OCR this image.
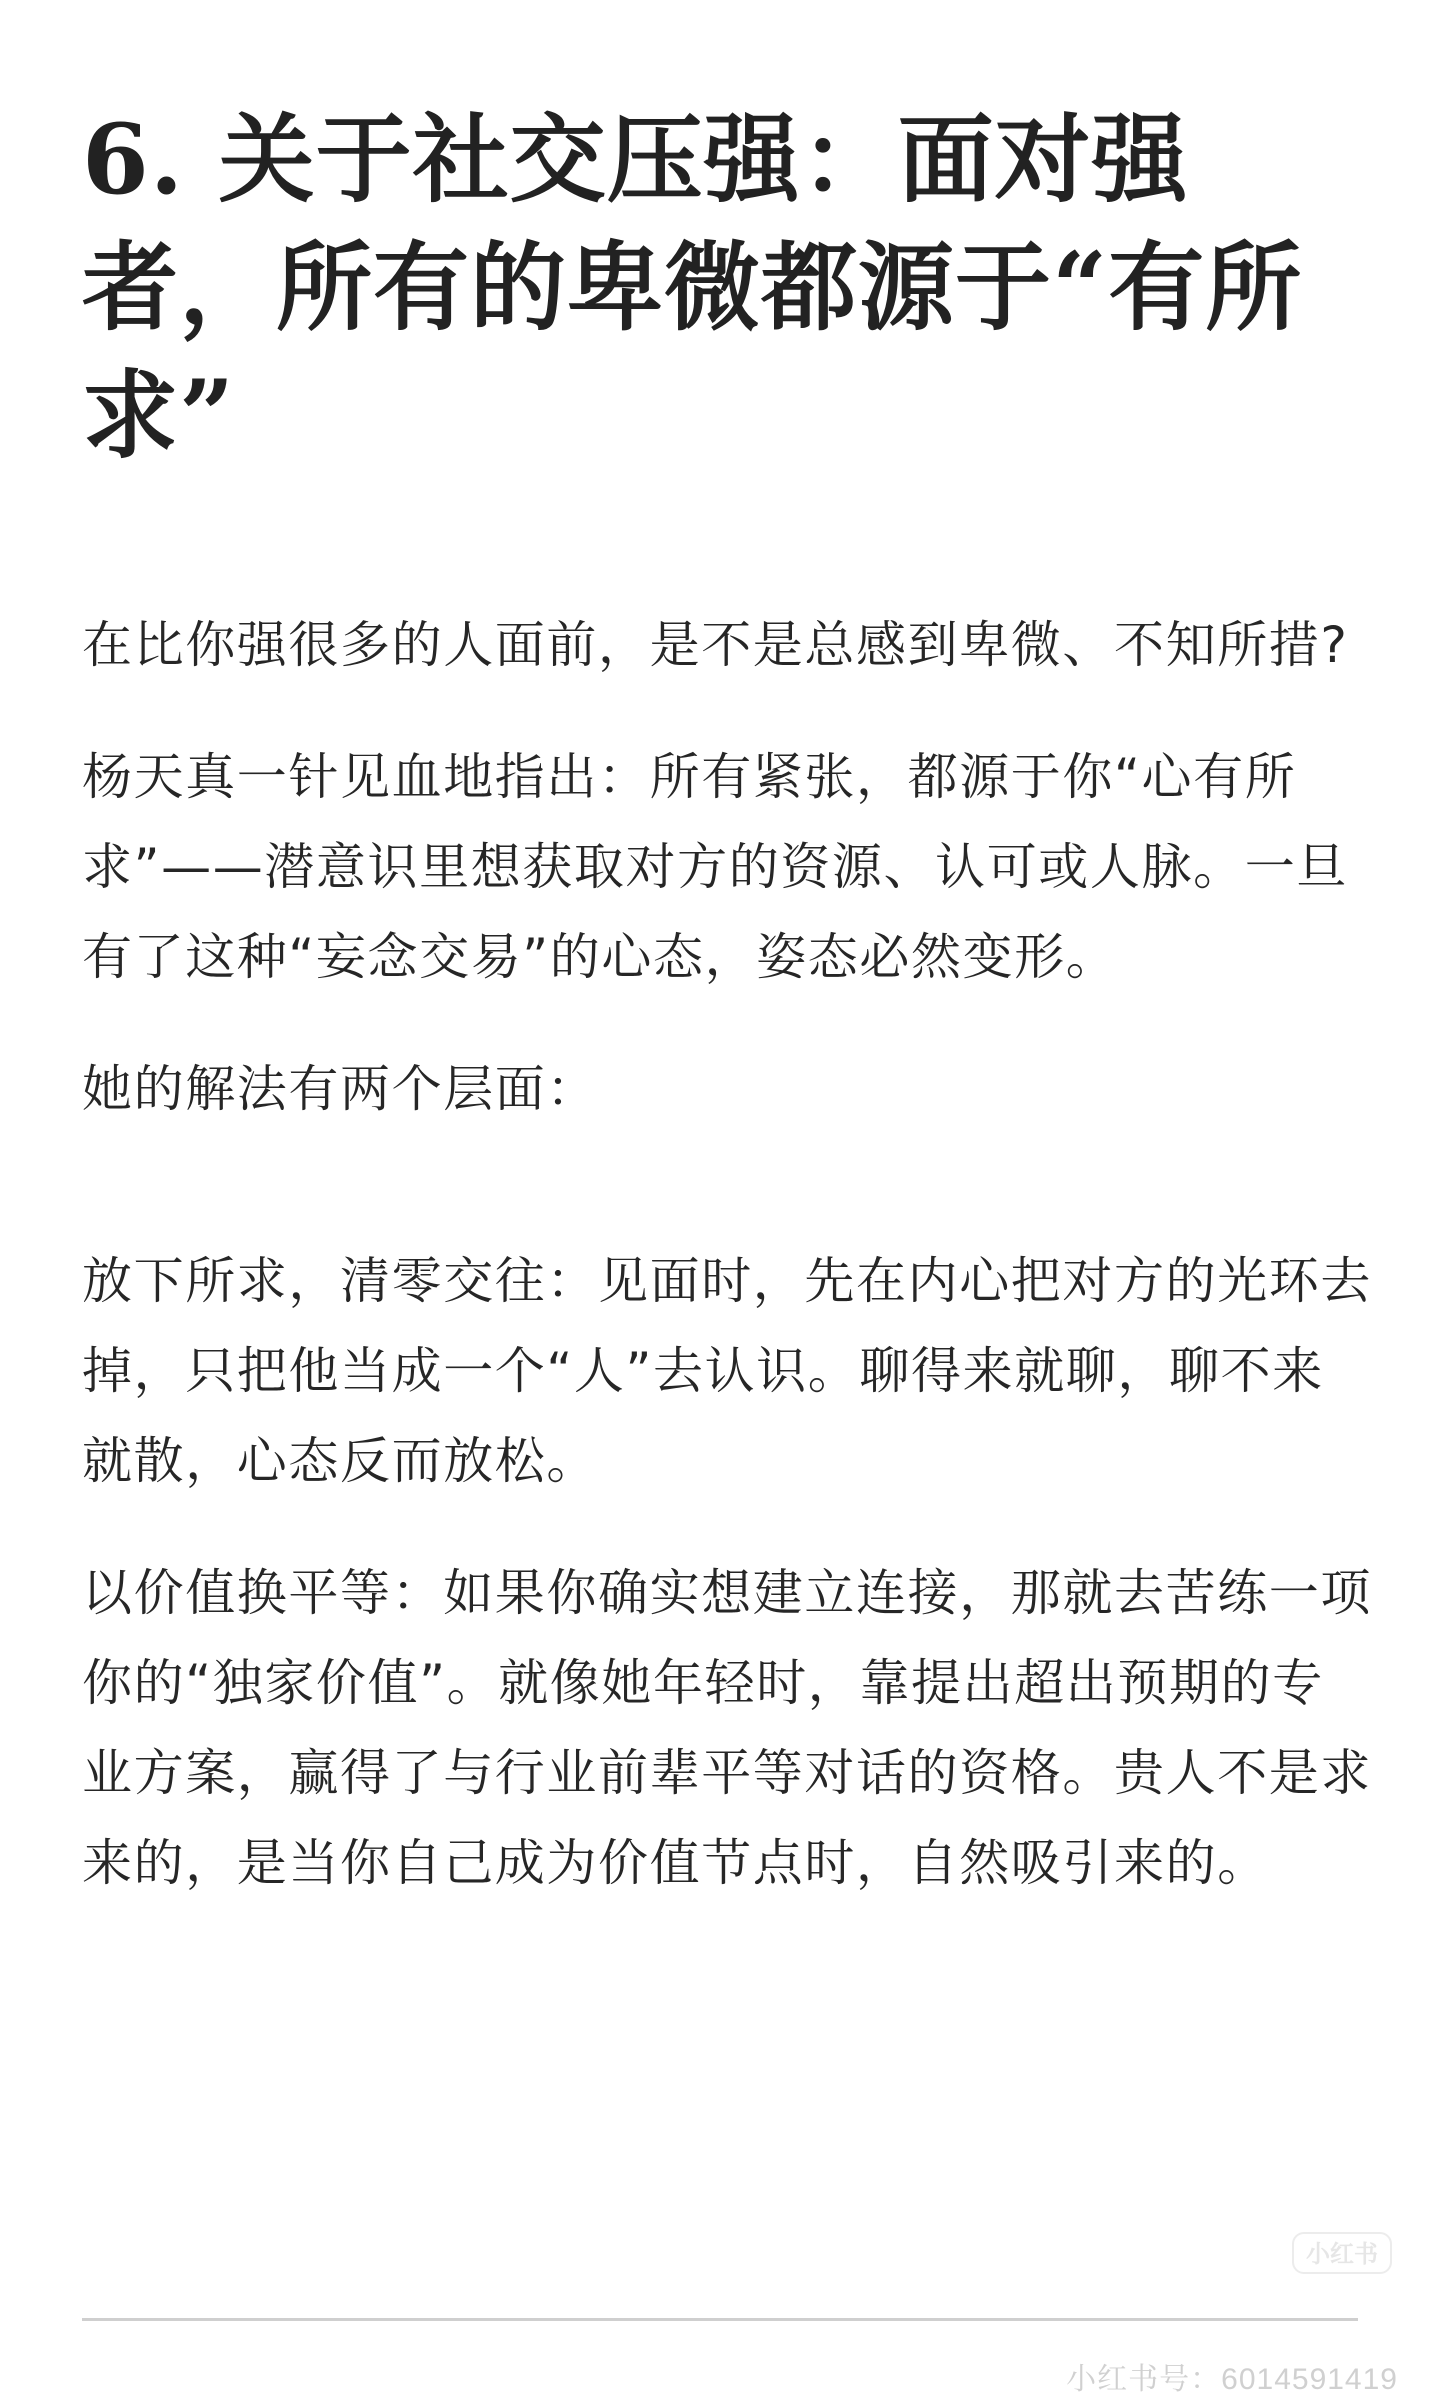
6. 关于社交压强：面对强者，所有的卑微都源于“有所求”

在比你强很多的人面前，是不是总感到卑微、不知所措?

杨天真一针见血地指出：所有紧张，都源于你“心有所求”——潜意识里想获取对方的资源、认可或人脉。一旦有了这种“妄念交易”的心态，姿态必然变形。

她的解法有两个层面：

放下所求，清零交往：见面时，先在内心把对方的光环去掉，只把他当成一个“人”去认识。聊得来就聊，聊不来就散，心态反而放松。

以价值换平等：如果你确实想建立连接，那就去苦练一项你的“独家价值”。就像她年轻时，靠提出超出预期的专业方案，赢得了与行业前辈平等对话的资格。贵人不是求来的，是当你自己成为价值节点时，自然吸引来的。

小红书
小红书号：6014591419
